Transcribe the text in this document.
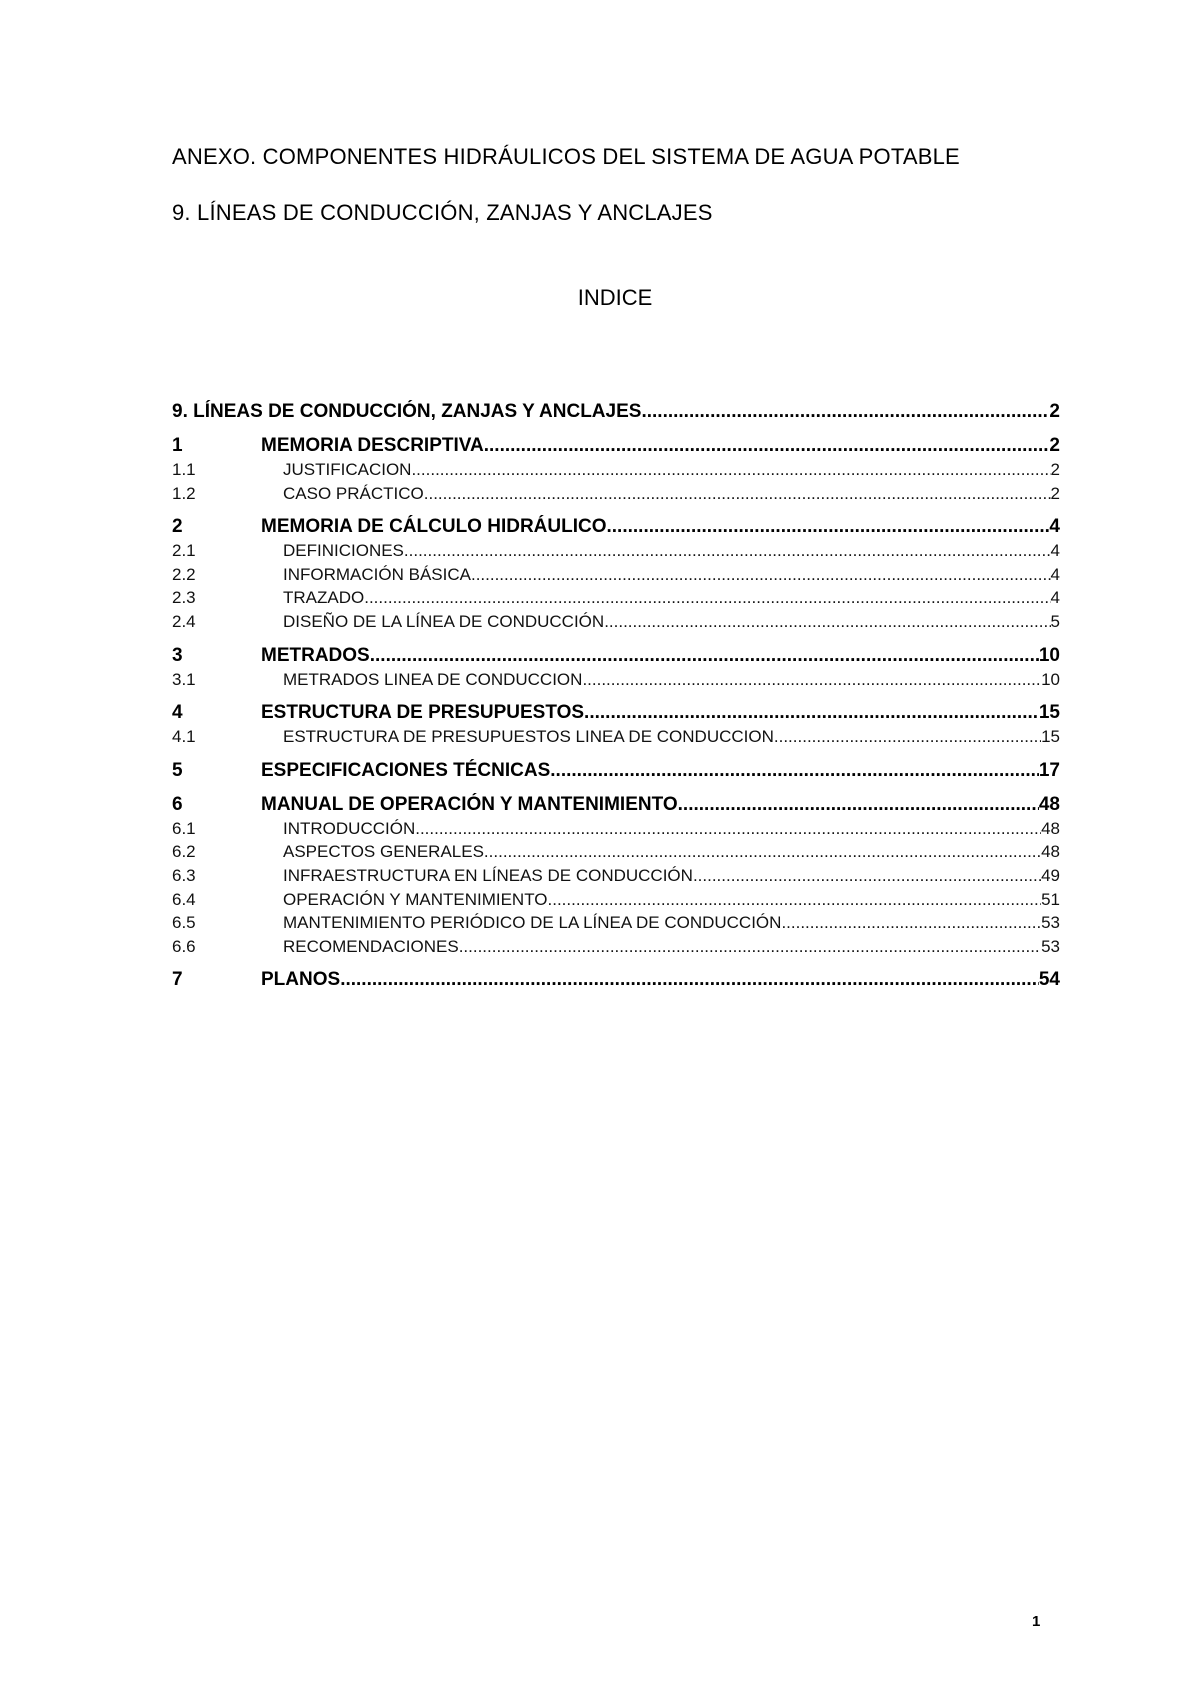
ANEXO. COMPONENTES HIDRÁULICOS DEL SISTEMA DE AGUA POTABLE
9. LÍNEAS DE CONDUCCIÓN, ZANJAS Y ANCLAJES
INDICE
9. LÍNEAS DE CONDUCCIÓN, ZANJAS Y ANCLAJES .....	2
1	MEMORIA DESCRIPTIVA .....	2
1.1	JUSTIFICACION .....	2
1.2	CASO PRÁCTICO .....	2
2	MEMORIA DE CÁLCULO HIDRÁULICO .....	4
2.1	DEFINICIONES .....	4
2.2	INFORMACIÓN BÁSICA .....	4
2.3	TRAZADO .....	4
2.4	DISEÑO DE LA LÍNEA DE CONDUCCIÓN .....	5
3	METRADOS .....	10
3.1	METRADOS LINEA DE CONDUCCION .....	10
4	ESTRUCTURA DE PRESUPUESTOS .....	15
4.1	ESTRUCTURA DE PRESUPUESTOS LINEA DE CONDUCCION .....	15
5	ESPECIFICACIONES TÉCNICAS .....	17
6	MANUAL DE OPERACIÓN Y MANTENIMIENTO .....	48
6.1	INTRODUCCIÓN .....	48
6.2	ASPECTOS GENERALES .....	48
6.3	INFRAESTRUCTURA EN LÍNEAS DE CONDUCCIÓN .....	49
6.4	OPERACIÓN Y MANTENIMIENTO .....	51
6.5	MANTENIMIENTO PERIÓDICO DE LA LÍNEA DE CONDUCCIÓN .....	53
6.6	RECOMENDACIONES .....	53
7	PLANOS .....	54
1
